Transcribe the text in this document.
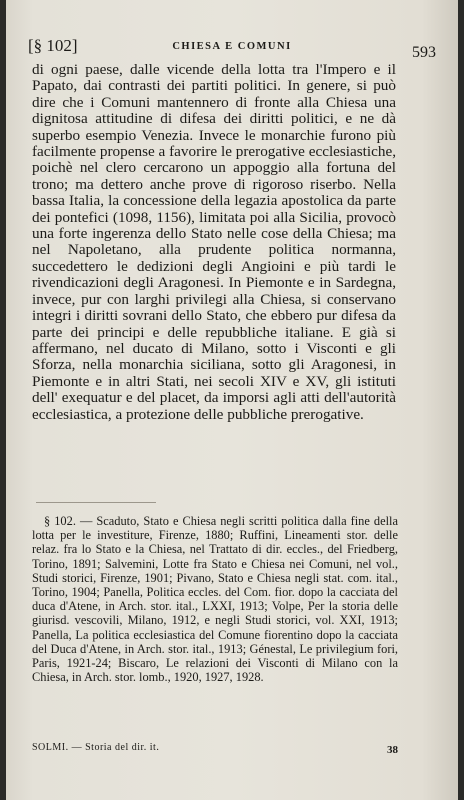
[§ 102]	CHIESA E COMUNI	593

di ogni paese, dalle vicende della lotta tra l'Impero e il Papato, dai contrasti dei partiti politici. In genere, si può dire che i Comuni mantennero di fronte alla Chiesa una dignitosa attitudine di difesa dei diritti politici, e ne dà superbo esempio Venezia. Invece le monarchie furono più facilmente propense a favorire le prerogative ecclesiastiche, poichè nel clero cercarono un appoggio alla fortuna del trono; ma dettero anche prove di rigoroso riserbo. Nella bassa Italia, la concessione della legazia apostolica da parte dei pontefici (1098, 1156), limitata poi alla Sicilia, provocò una forte ingerenza dello Stato nelle cose della Chiesa; ma nel Napoletano, alla prudente politica normanna, succedettero le dedizioni degli Angioini e più tardi le rivendicazioni degli Aragonesi. In Piemonte e in Sardegna, invece, pur con larghi privilegi alla Chiesa, si conservano integri i diritti sovrani dello Stato, che ebbero pur difesa da parte dei principi e delle repubbliche italiane. E già si affermano, nel ducato di Milano, sotto i Visconti e gli Sforza, nella monarchia siciliana, sotto gli Aragonesi, in Piemonte e in altri Stati, nei secoli XIV e XV, gli istituti dell' exequatur e del placet, da imporsi agli atti dell'autorità ecclesiastica, a protezione delle pubbliche prerogative.

§ 102. — Scaduto, Stato e Chiesa negli scritti politica dalla fine della lotta per le investiture, Firenze, 1880; Ruffini, Lineamenti stor. delle relaz. fra lo Stato e la Chiesa, nel Trattato di dir. eccles., del Friedberg, Torino, 1891; Salvemini, Lotte fra Stato e Chiesa nei Comuni, nel vol., Studi storici, Firenze, 1901; Pivano, Stato e Chiesa negli stat. com. ital., Torino, 1904; Panella, Politica eccles. del Com. fior. dopo la cacciata del duca d'Atene, in Arch. stor. ital., LXXI, 1913; Volpe, Per la storia delle giurisd. vescovili, Milano, 1912, e negli Studi storici, vol. XXI, 1913; Panella, La politica ecclesiastica del Comune fiorentino dopo la cacciata del Duca d'Atene, in Arch. stor. ital., 1913; Génestal, Le privilegium fori, Paris, 1921-24; Biscaro, Le relazioni dei Visconti di Milano con la Chiesa, in Arch. stor. lomb., 1920, 1927, 1928.

SOLMI. — Storia del dir. it.	38
